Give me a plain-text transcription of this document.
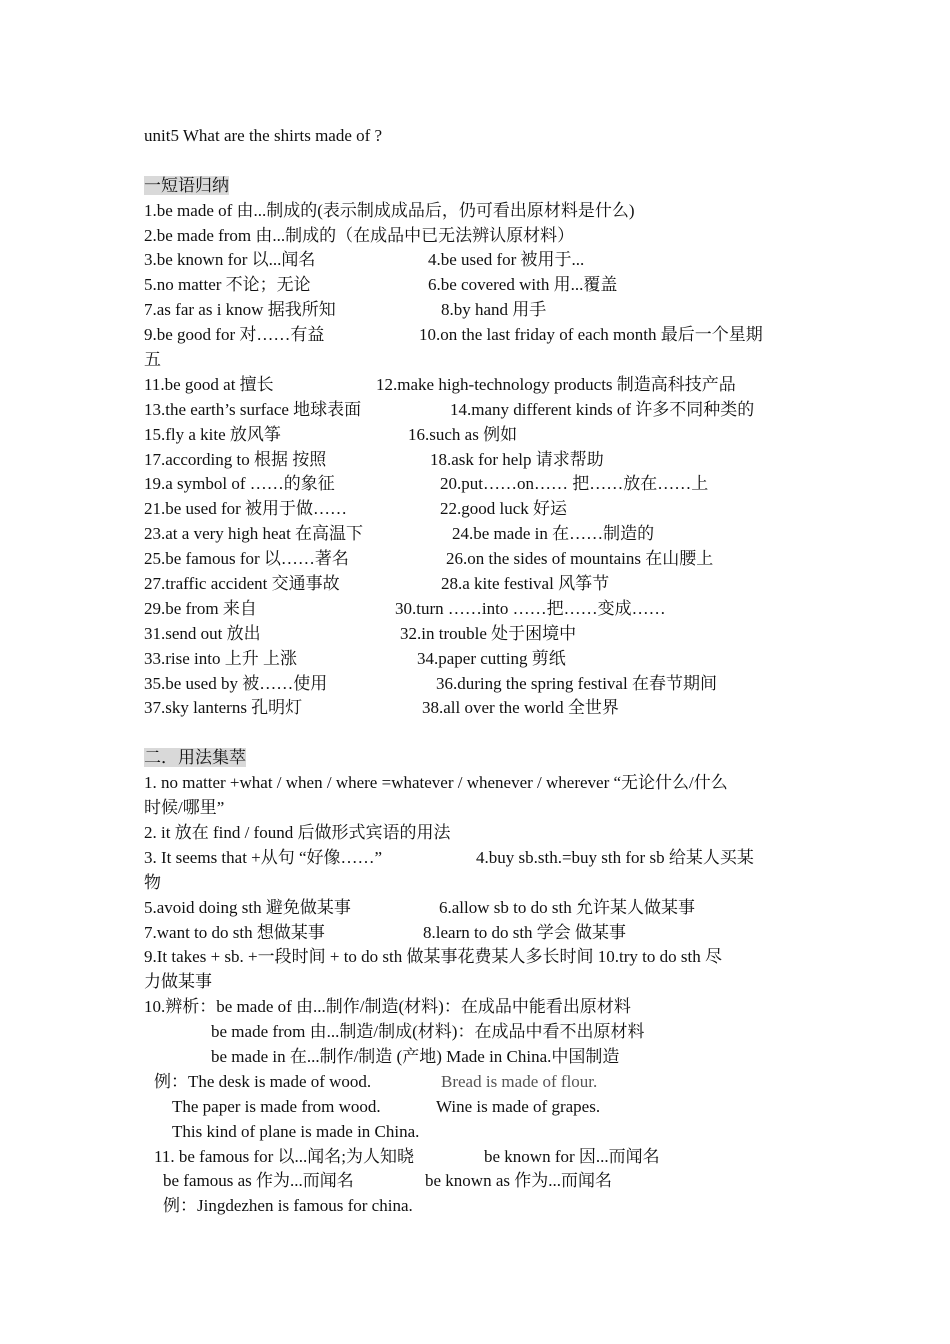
unit5 What are the shirts made of ?
一短语归纳
1.be made of 由...制成的(表示制成成品后，仍可看出原材料是什么)
2.be made from 由...制成的（在成品中已无法辨认原材料）
3.be known for 以...闻名	4.be used for 被用于...
5.no matter 不论；无论	6.be covered with 用...覆盖
7.as far as i know 据我所知	8.by hand 用手
9.be good for 对……有益	10.on the last friday of each month 最后一个星期
五
11.be good at 擅长	12.make high-technology products 制造高科技产品
13.the earth’s surface 地球表面	14.many different kinds of 许多不同种类的
15.fly a kite 放风筝	16.such as 例如
17.according to 根据 按照	18.ask for help 请求帮助
19.a symbol of ……的象征	20.put……on…… 把……放在……上
21.be used for 被用于做……	22.good luck 好运
23.at a very high heat 在高温下	24.be made in 在……制造的
25.be famous for 以……著名	26.on the sides of mountains 在山腰上
27.traffic accident 交通事故	28.a kite festival 风筝节
29.be from 来自	30.turn ……into ……把……变成……
31.send out 放出	32.in trouble 处于困境中
33.rise into 上升 上涨	34.paper cutting 剪纸
35.be used by 被……使用	36.during the spring festival 在春节期间
37.sky lanterns 孔明灯	38.all over the world 全世界
二．用法集萃
1. no matter +what / when / where =whatever / whenever / wherever “无论什么/什么
时候/哪里”
2. it 放在 find / found 后做形式宾语的用法
3. It seems that +从句 “好像……”	4.buy sb.sth.=buy sth for sb 给某人买某
物
5.avoid doing sth 避免做某事	6.allow sb to do sth 允许某人做某事
7.want to do sth 想做某事	8.learn to do sth 学会 做某事
9.It takes + sb. +一段时间 + to do sth 做某事花费某人多长时间 10.try to do sth 尽
力做某事
10.辨析：be made of 由...制作/制造(材料)：在成品中能看出原材料
be made from 由...制造/制成(材料)：在成品中看不出原材料
be made in 在...制作/制造 (产地) Made in China.中国制造
例：The desk is made of wood.	Bread is made of flour.
The paper is made from wood.	Wine is made of grapes.
This kind of plane is made in China.
11. be famous for 以...闻名;为人知晓	be known for 因...而闻名
be famous as 作为...而闻名	be known as 作为...而闻名
例：Jingdezhen is famous for china.
